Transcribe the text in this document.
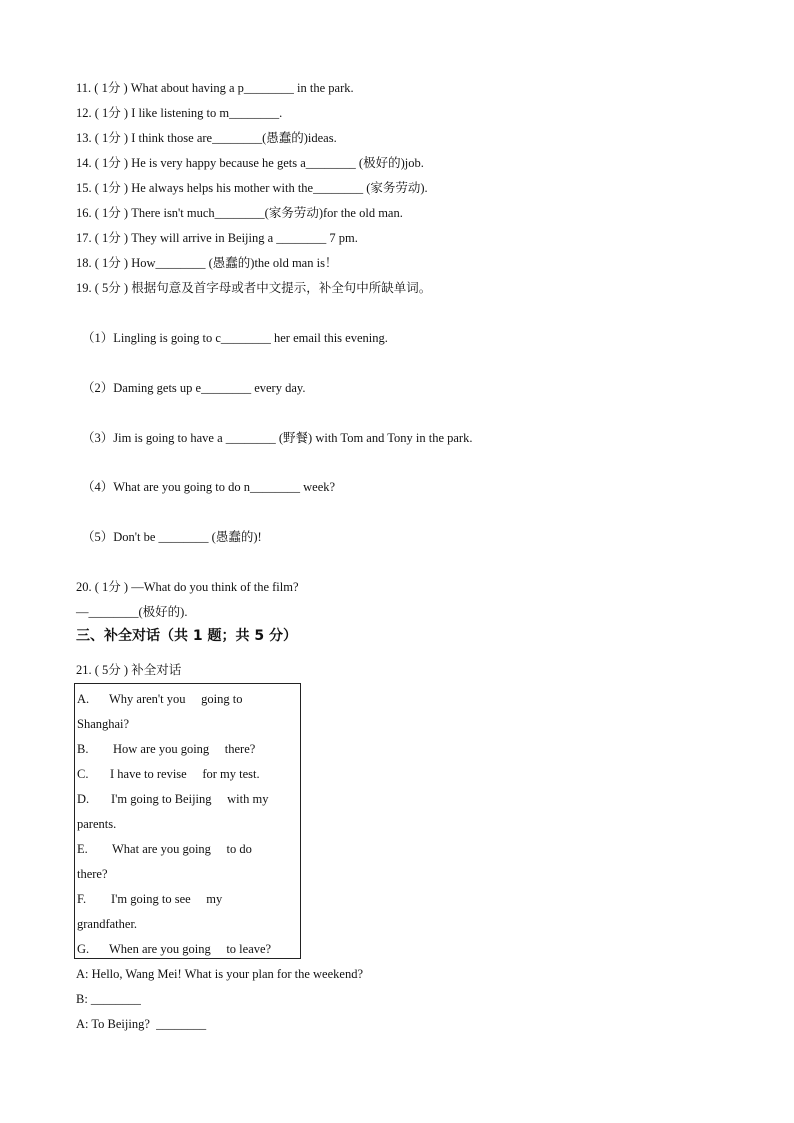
11. ( 1分 ) What about having a p________ in the park.
12. ( 1分 ) I like listening to m________.
13. ( 1分 ) I think those are________(愚蠢的)ideas.
14. ( 1分 ) He is very happy because he gets a________ (极好的)job.
15. ( 1分 ) He always helps his mother with the________ (家务劳动).
16. ( 1分 ) There isn't much________(家务劳动)for the old man.
17. ( 1分 ) They will arrive in Beijing a ________ 7 pm.
18. ( 1分 ) How________ (愚蠢的)the old man is！
19. ( 5分 ) 根据句意及首字母或者中文提示，补全句中所缺单词。
（1）Lingling is going to c________ her email this evening.
（2）Daming gets up e________ every day.
（3）Jim is going to have a ________ (野餐) with Tom and Tony in the park.
（4）What are you going to do n________ week?
（5）Don't be ________ (愚蠢的)!
20. ( 1分 ) —What do you think of the film?
—________(极好的).
三、补全对话（共 1 题；共 5 分）
21. ( 5分 ) 补全对话
A. Why aren't you     going to
Shanghai?
B. How are you going     there?
C. I have to revise     for my test.
D. I'm going to Beijing     with my
parents.
E. What are you going     to do
there?
F. I'm going to see     my
grandfather.
G. When are you going     to leave?
A: Hello, Wang Mei! What is your plan for the weekend?
B: ________
A: To Beijing?  ________
